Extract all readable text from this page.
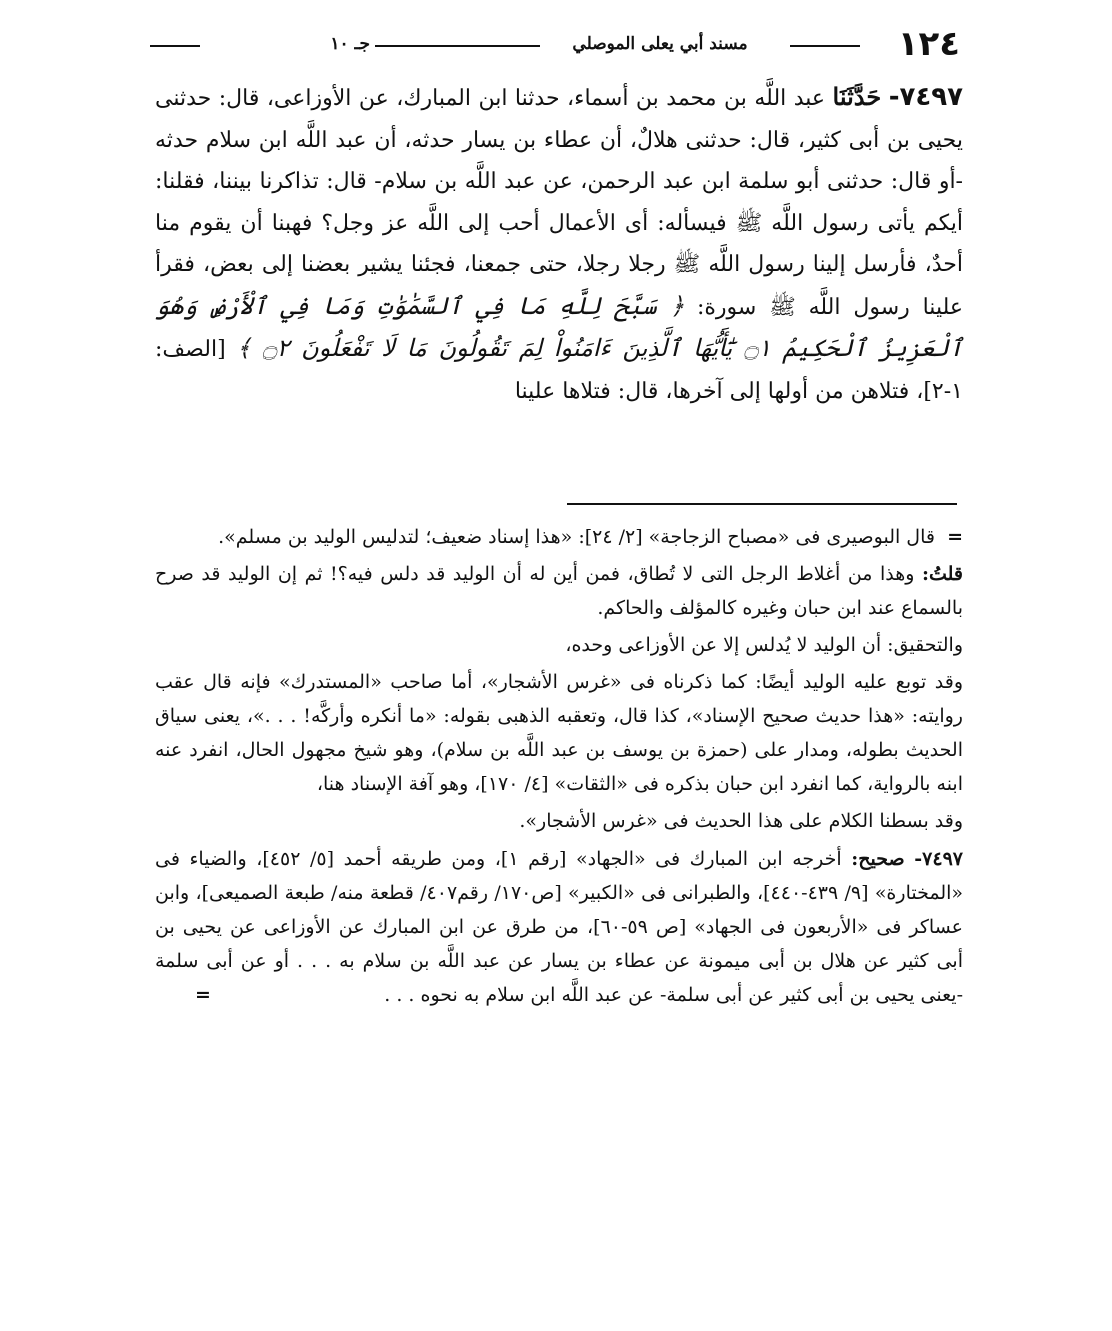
١٢٤
مسند أبي يعلى الموصلي
جـ ١٠

٧٤٩٧- حَدَّثَنَا عبد اللَّه بن محمد بن أسماء، حدثنا ابن المبارك، عن الأوزاعى، قال: حدثنى يحيى بن أبى كثير، قال: حدثنى هلالٌ، أن عطاء بن يسار حدثه، أن عبد اللَّه ابن سلام حدثه -أو قال: حدثنى أبو سلمة ابن عبد الرحمن، عن عبد اللَّه بن سلام- قال: تذاكرنا بيننا، فقلنا: أيكم يأتى رسول اللَّه ﷺ فيسأله: أى الأعمال أحب إلى اللَّه عز وجل؟ فهبنا أن يقوم منا أحدٌ، فأرسل إلينا رسول اللَّه ﷺ رجلا رجلا، حتى جمعنا، فجئنا يشير بعضنا إلى بعض، فقرأ علينا رسول اللَّه ﷺ سورة: ﴿ سَبَّحَ لِلَّهِ مَا فِي ٱلسَّمَٰوَٰتِ وَمَا فِي ٱلْأَرْضِ وَهُوَ ٱلْعَزِيزُ ٱلْحَكِيمُ ۝١ يَٰٓأَيُّهَا ٱلَّذِينَ ءَامَنُواْ لِمَ تَقُولُونَ مَا لَا تَفْعَلُونَ ۝٢ ﴾ [الصف: ١-٢]، فتلاهن من أولها إلى آخرها، قال: فتلاها علينا

=
قال البوصيرى فى «مصباح الزجاجة» [٢/ ٢٤]: «هذا إسناد ضعيف؛ لتدليس الوليد بن مسلم».

قلتُ: وهذا من أغلاط الرجل التى لا تُطاق، فمن أين له أن الوليد قد دلس فيه؟! ثم إن الوليد قد صرح بالسماع عند ابن حبان وغيره كالمؤلف والحاكم.

والتحقيق: أن الوليد لا يُدلس إلا عن الأوزاعى وحده،

وقد توبع عليه الوليد أيضًا: كما ذكرناه فى «غرس الأشجار»، أما صاحب «المستدرك» فإنه قال عقب روايته: «هذا حديث صحيح الإسناد»، كذا قال، وتعقبه الذهبى بقوله: «ما أنكره وأركَّه! . . .»، يعنى سياق الحديث بطوله، ومدار على (حمزة بن يوسف بن عبد اللَّه بن سلام)، وهو شيخ مجهول الحال، انفرد عنه ابنه بالرواية، كما انفرد ابن حبان بذكره فى «الثقات» [٤/ ١٧٠]، وهو آفة الإسناد هنا،

وقد بسطنا الكلام على هذا الحديث فى «غرس الأشجار».

٧٤٩٧- صحيح: أخرجه ابن المبارك فى «الجهاد» [رقم ١]، ومن طريقه أحمد [٥/ ٤٥٢]، والضياء فى «المختارة» [٩/ ٤٣٩-٤٤٠]، والطبرانى فى «الكبير» [ص١٧٠/ رقم٤٠٧/ قطعة منه/ طبعة الصميعى]، وابن عساكر فى «الأربعون فى الجهاد» [ص ٥٩-٦٠]، من طرق عن ابن المبارك عن الأوزاعى عن يحيى بن أبى كثير عن هلال بن أبى ميمونة عن عطاء بن يسار عن عبد اللَّه بن سلام به . . . أو عن أبى سلمة -يعنى يحيى بن أبى كثير عن أبى سلمة- عن عبد اللَّه ابن سلام به نحوه . . .
=
